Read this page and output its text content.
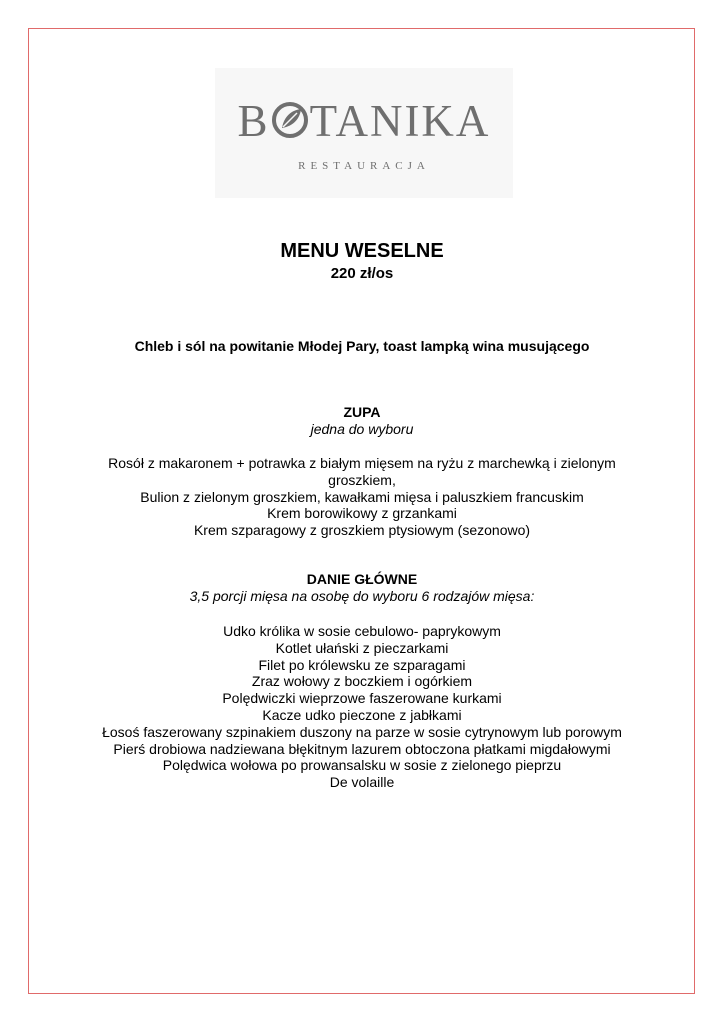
B TANIKA
RESTAURACJA
MENU WESELNE
220 zł/os
Chleb i sól na powitanie Młodej Pary, toast lampką wina musującego
ZUPA
jedna do wyboru
Rosół z makaronem + potrawka z białym mięsem na ryżu z marchewką i zielonym groszkiem,
Bulion z zielonym groszkiem, kawałkami mięsa i paluszkiem francuskim
Krem borowikowy z grzankami
Krem szparagowy z groszkiem ptysiowym (sezonowo)
DANIE GŁÓWNE
3,5 porcji mięsa na osobę do wyboru 6 rodzajów mięsa:
Udko królika w sosie cebulowo- paprykowym
Kotlet ułański z pieczarkami
Filet po królewsku ze szparagami
Zraz wołowy z boczkiem i ogórkiem
Polędwiczki wieprzowe faszerowane kurkami
Kacze udko pieczone z jabłkami
Łosoś faszerowany szpinakiem duszony na parze w sosie cytrynowym lub porowym
Pierś drobiowa nadziewana błękitnym lazurem obtoczona płatkami migdałowymi
Polędwica wołowa po prowansalsku w sosie z zielonego pieprzu
De volaille
